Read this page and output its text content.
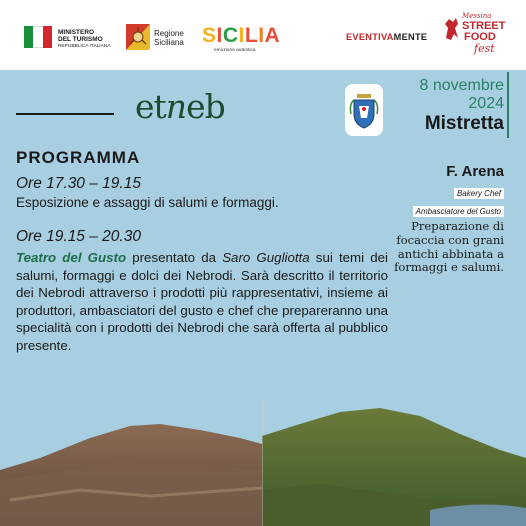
MINISTERO
DEL TURISMO
REPUBBLICA ITALIANA
Regione
Siciliana SICILIA
emozione autentica
EVENTIVAMENTE
Messina
STREET
FOOD
fest
etneb
8 novembre
2024
Mistretta
PROGRAMMA
Ore 17.30 – 19.15
Esposizione e assaggi di salumi e formaggi.
Ore 19.15 – 20.30
Teatro del Gusto presentato da Saro Gugliotta sui temi dei salumi, formaggi e dolci dei Nebrodi. Sarà descritto il territorio dei Nebrodi attraverso i prodotti più rappresentativi, insieme ai produttori, ambasciatori del gusto e chef che prepareranno una specialità con i prodotti dei Nebrodi che sarà offerta al pubblico presente.
F. Arena
Bakery Chef
Ambasciatore del Gusto
Preparazione di focaccia con grani antichi abbinata a formaggi e salumi.
